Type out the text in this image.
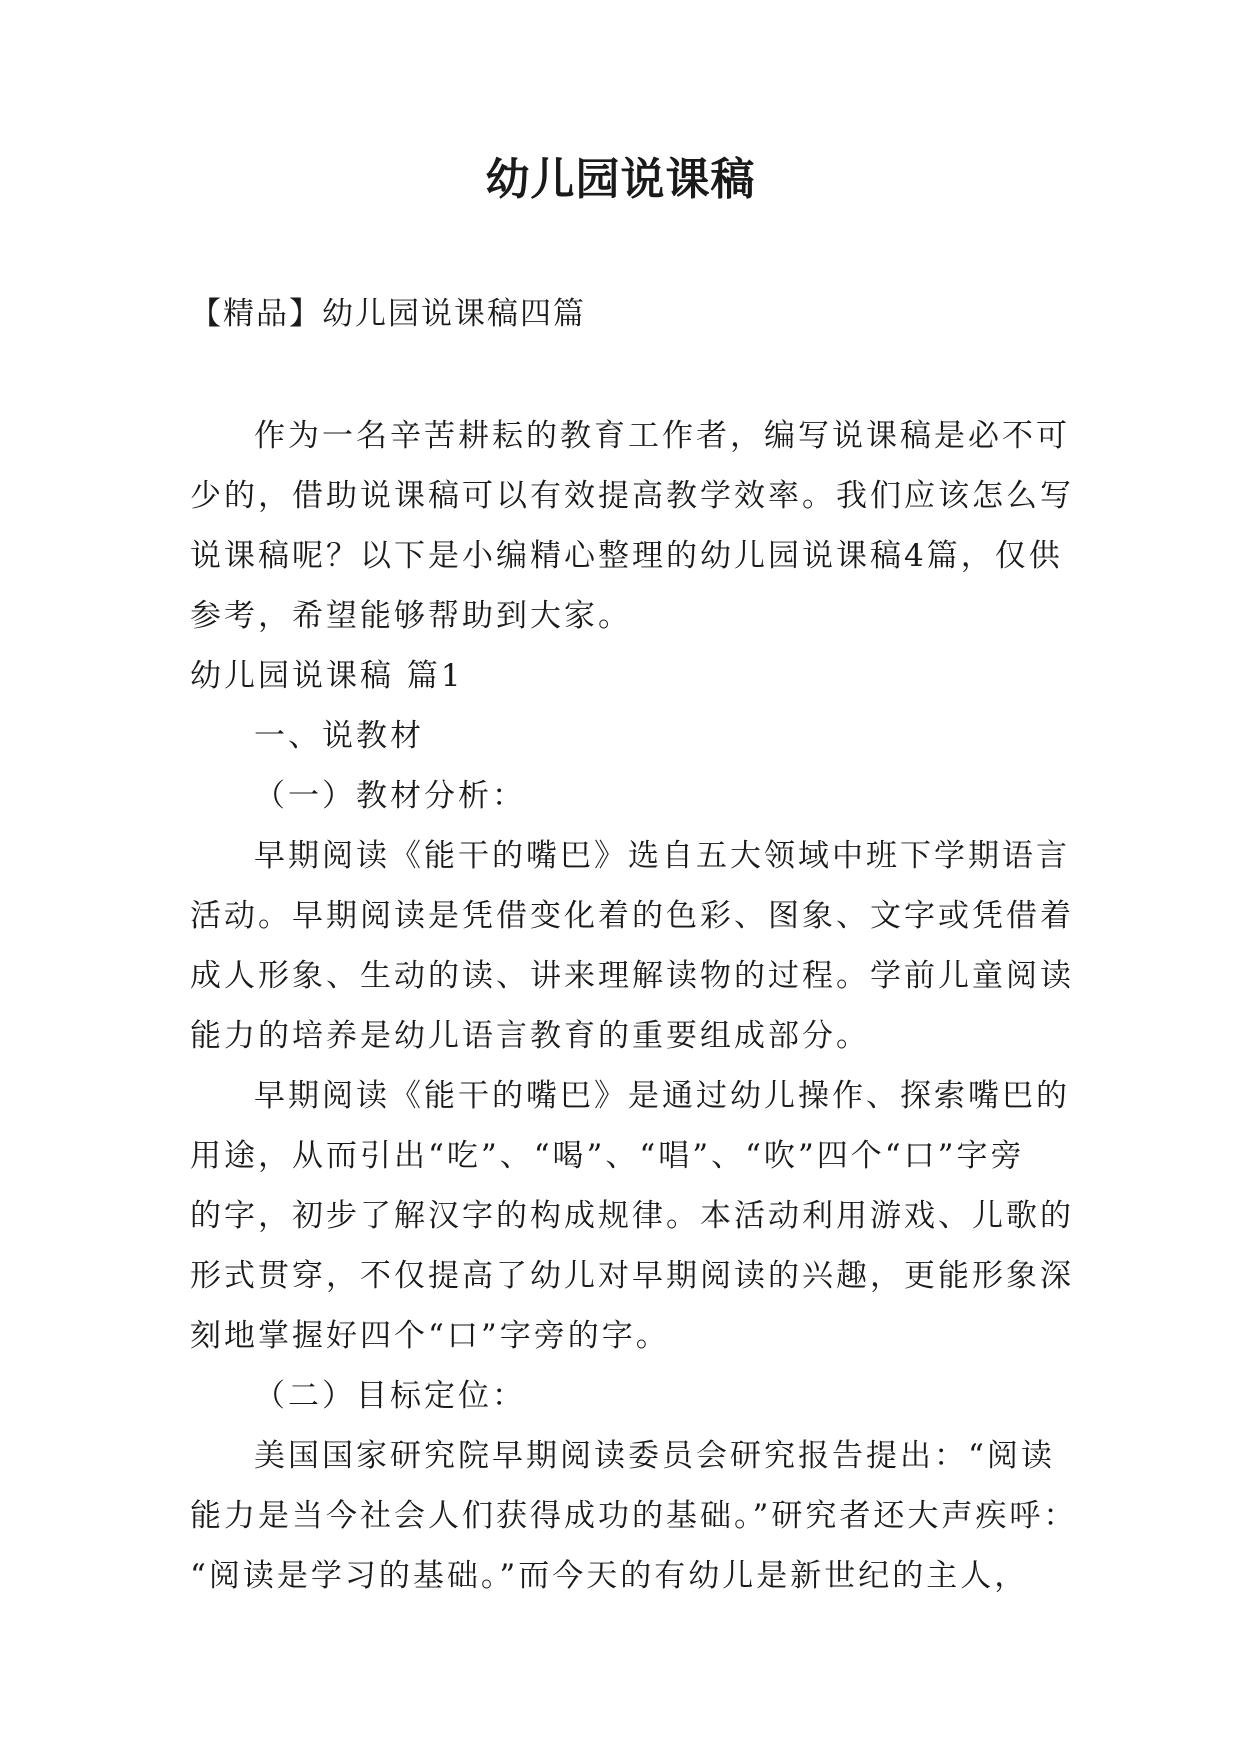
幼儿园说课稿
【精品】幼儿园说课稿四篇
作为一名辛苦耕耘的教育工作者，编写说课稿是必不可
少的，借助说课稿可以有效提高教学效率。我们应该怎么写
说课稿呢？以下是小编精心整理的幼儿园说课稿4篇，仅供
参考，希望能够帮助到大家。
幼儿园说课稿 篇1
一、说教材
（一）教材分析：
早期阅读《能干的嘴巴》选自五大领域中班下学期语言
活动。早期阅读是凭借变化着的色彩、图象、文字或凭借着
成人形象、生动的读、讲来理解读物的过程。学前儿童阅读
能力的培养是幼儿语言教育的重要组成部分。
早期阅读《能干的嘴巴》是通过幼儿操作、探索嘴巴的
用途，从而引出“吃”、“喝”、“唱”、“吹”四个“口”字旁
的字，初步了解汉字的构成规律。本活动利用游戏、儿歌的
形式贯穿，不仅提高了幼儿对早期阅读的兴趣，更能形象深
刻地掌握好四个“口”字旁的字。
（二）目标定位：
美国国家研究院早期阅读委员会研究报告提出：“阅读
能力是当今社会人们获得成功的基础。”研究者还大声疾呼：
“阅读是学习的基础。”而今天的有幼儿是新世纪的主人，
